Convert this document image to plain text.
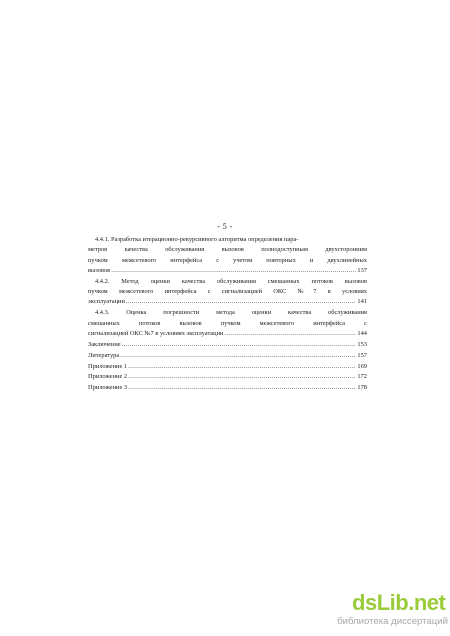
- 5 -
4.4.1. Разработка итерационно-рекурсивного алгоритма определения пара-
метров качества обслуживания вызовов полнодоступным двухсторонним
пучком межсетевого интерфейса с учетом повторных и двухлинейных
вызовов .....	137
4.4.2. Метод оценки качества обслуживания смешанных потоков вызовов
пучком межсетевого интерфейса с сигнализацией ОКС №7 в условиях
эксплуатации .....	141
4.4.3. Оценка погрешности метода оценки качества обслуживания
смешанных потоков вызовов пучком межсетевого интерфейса с
сигнализацией ОКС №7 в условиях эксплуатации .....	144
Заключение .....	153
Литература .....	157
Приложение 1 .....	169
Приложение 2 .....	172
Приложение 3 .....	178
dsLib.net
библиотека диссертаций
